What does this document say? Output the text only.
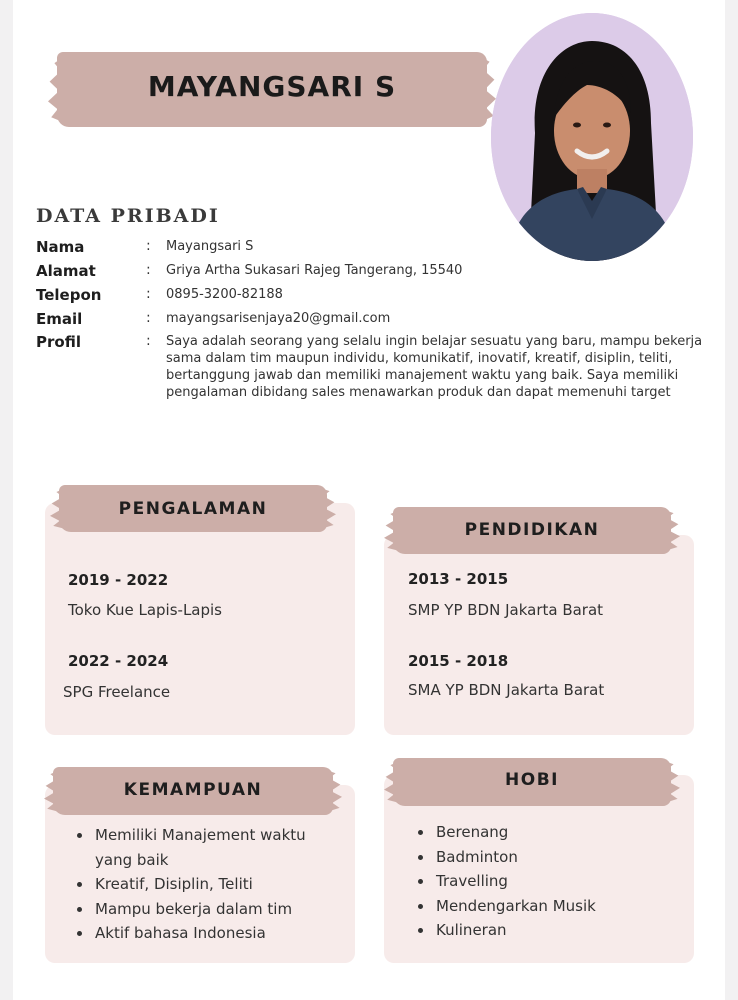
MAYANGSARI S
DATA PRIBADI
Nama	: Mayangsari S
Alamat	: Griya Artha Sukasari Rajeg Tangerang, 15540
Telepon	: 0895-3200-82188
Email	: mayangsarisenjaya20@gmail.com
Profil	: Saya adalah seorang yang selalu ingin belajar sesuatu yang baru, mampu bekerja sama dalam tim maupun individu, komunikatif, inovatif, kreatif, disiplin, teliti, bertanggung jawab dan memiliki manajement waktu yang baik. Saya memiliki pengalaman dibidang sales menawarkan produk dan dapat memenuhi target
2019 - 2022
Toko Kue Lapis-Lapis
2022 - 2024
SPG Freelance
PENGALAMAN
2013 - 2015
SMP YP BDN Jakarta Barat
2015 - 2018
SMA YP BDN Jakarta Barat
PENDIDIKAN
• Memiliki Manajement waktu yang baik
• Kreatif, Disiplin, Teliti
• Mampu bekerja dalam tim
• Aktif bahasa Indonesia
KEMAMPUAN
• Berenang
• Badminton
• Travelling
• Mendengarkan Musik
• Kulineran
HOBI
